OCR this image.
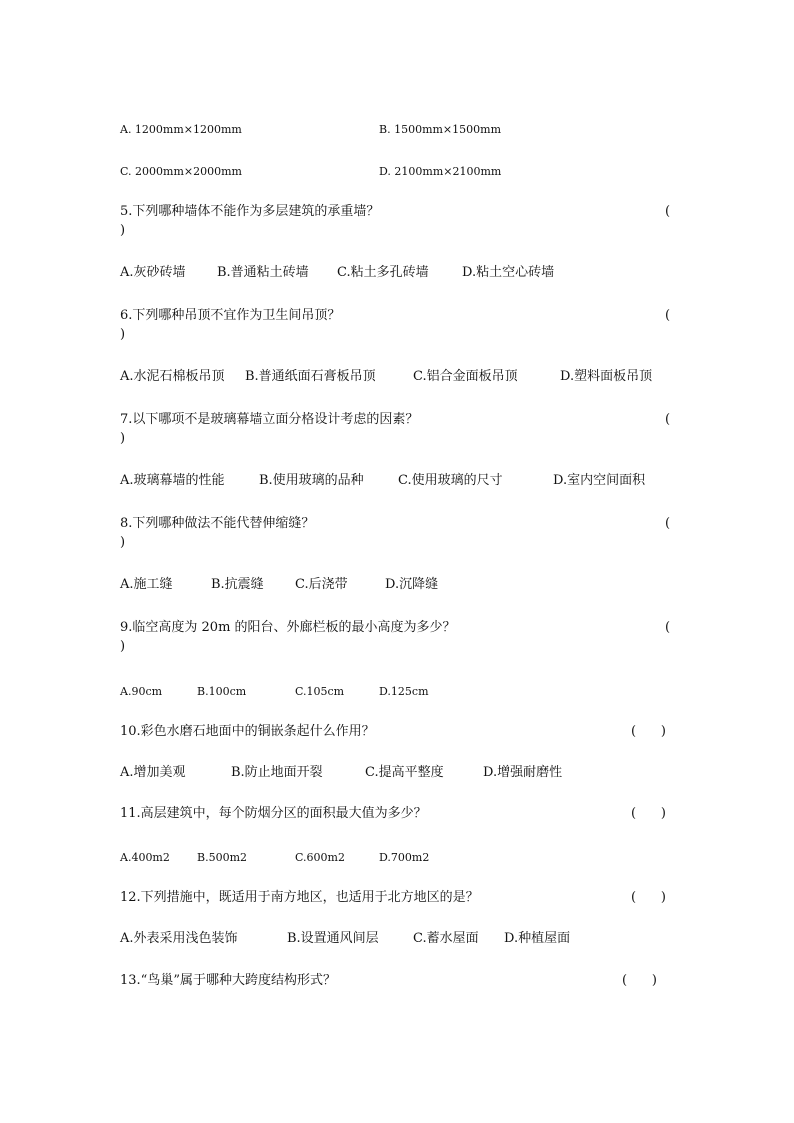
A. 1200mm×1200mm	B. 1500mm×1500mm
C. 2000mm×2000mm	D. 2100mm×2100mm
5.下列哪种墙体不能作为多层建筑的承重墙？	(
)
A.灰砂砖墙 B.普通粘土砖墙 C.粘土多孔砖墙	D.粘土空心砖墙
6.下列哪种吊顶不宜作为卫生间吊顶？	(
)
A.水泥石棉板吊顶 B.普通纸面石膏板吊顶	C.铝合金面板吊顶	D.塑料面板吊顶
7.以下哪项不是玻璃幕墙立面分格设计考虑的因素？	(
)
A.玻璃幕墙的性能	B.使用玻璃的品种	C.使用玻璃的尺寸	D.室内空间面积
8.下列哪种做法不能代替伸缩缝？	(
)
A.施工缝	B.抗震缝 C.后浇带	D.沉降缝
9.临空高度为 20m 的阳台、外廊栏板的最小高度为多少？	(
)
A.90cm	B.100cm	C.105cm	D.125cm
10.彩色水磨石地面中的铜嵌条起什么作用？	(      )
A.增加美观	B.防止地面开裂	C.提高平整度	D.增强耐磨性
11.高层建筑中，每个防烟分区的面积最大值为多少？	(      )
A.400m2 B.500m2	C.600m2	D.700m2
12.下列措施中，既适用于南方地区，也适用于北方地区的是？	(      )
A.外表采用浅色装饰	B.设置通风间层	C.蓄水屋面 D.种植屋面
13.“鸟巢”属于哪种大跨度结构形式？	(      )
